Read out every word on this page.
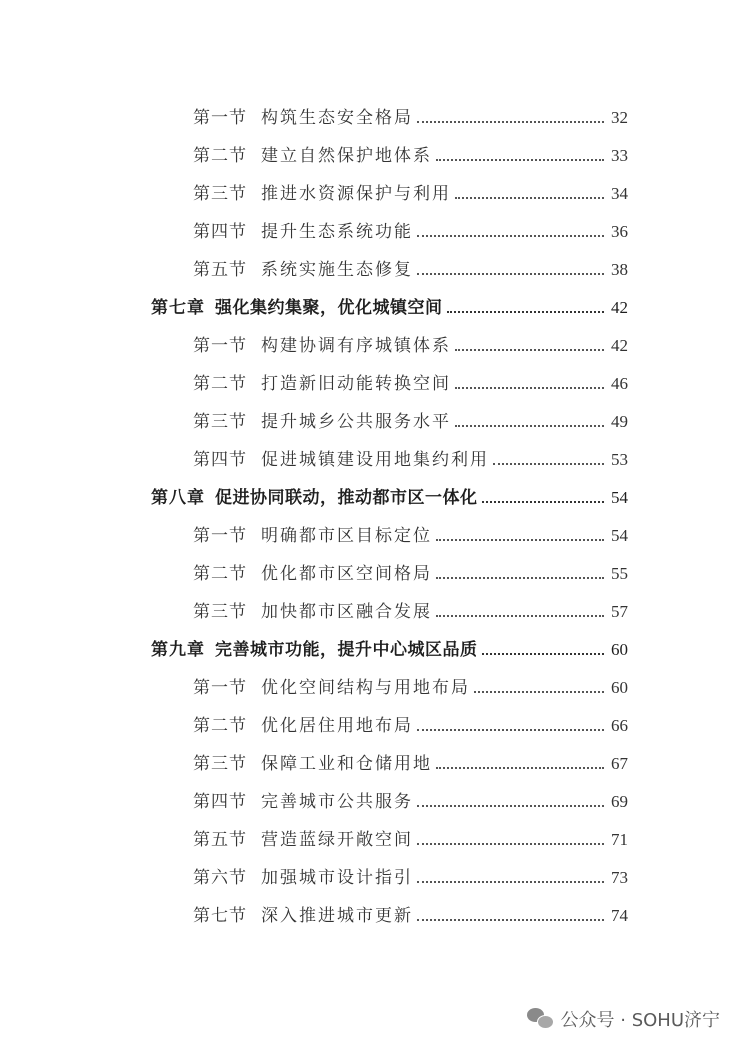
第一节 构筑生态安全格局	32
第二节 建立自然保护地体系	33
第三节 推进水资源保护与利用	34
第四节 提升生态系统功能	36
第五节 系统实施生态修复	38
第七章 强化集约集聚，优化城镇空间	42
第一节 构建协调有序城镇体系	42
第二节 打造新旧动能转换空间	46
第三节 提升城乡公共服务水平	49
第四节 促进城镇建设用地集约利用	53
第八章 促进协同联动，推动都市区一体化	54
第一节 明确都市区目标定位	54
第二节 优化都市区空间格局	55
第三节 加快都市区融合发展	57
第九章 完善城市功能，提升中心城区品质	60
第一节 优化空间结构与用地布局	60
第二节 优化居住用地布局	66
第三节 保障工业和仓储用地	67
第四节 完善城市公共服务	69
第五节 营造蓝绿开敞空间	71
第六节 加强城市设计指引	73
第七节 深入推进城市更新	74
公众号 · SOHU济宁
